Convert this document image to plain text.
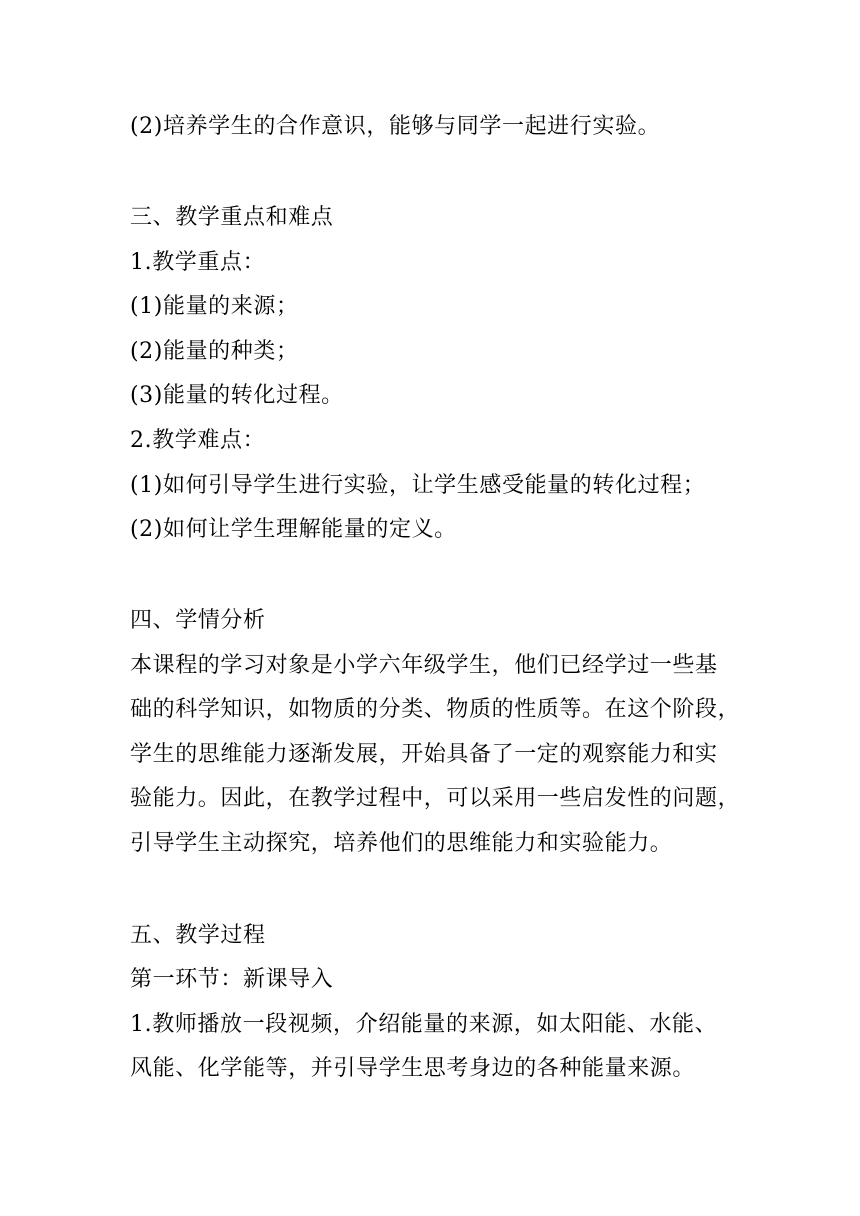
(2)培养学生的合作意识，能够与同学一起进行实验。
三、教学重点和难点
1.教学重点：
(1)能量的来源；
(2)能量的种类；
(3)能量的转化过程。
2.教学难点：
(1)如何引导学生进行实验，让学生感受能量的转化过程；
(2)如何让学生理解能量的定义。
四、学情分析
本课程的学习对象是小学六年级学生，他们已经学过一些基
础的科学知识，如物质的分类、物质的性质等。在这个阶段，
学生的思维能力逐渐发展，开始具备了一定的观察能力和实
验能力。因此，在教学过程中，可以采用一些启发性的问题，
引导学生主动探究，培养他们的思维能力和实验能力。
五、教学过程
第一环节：新课导入
1.教师播放一段视频，介绍能量的来源，如太阳能、水能、
风能、化学能等，并引导学生思考身边的各种能量来源。
